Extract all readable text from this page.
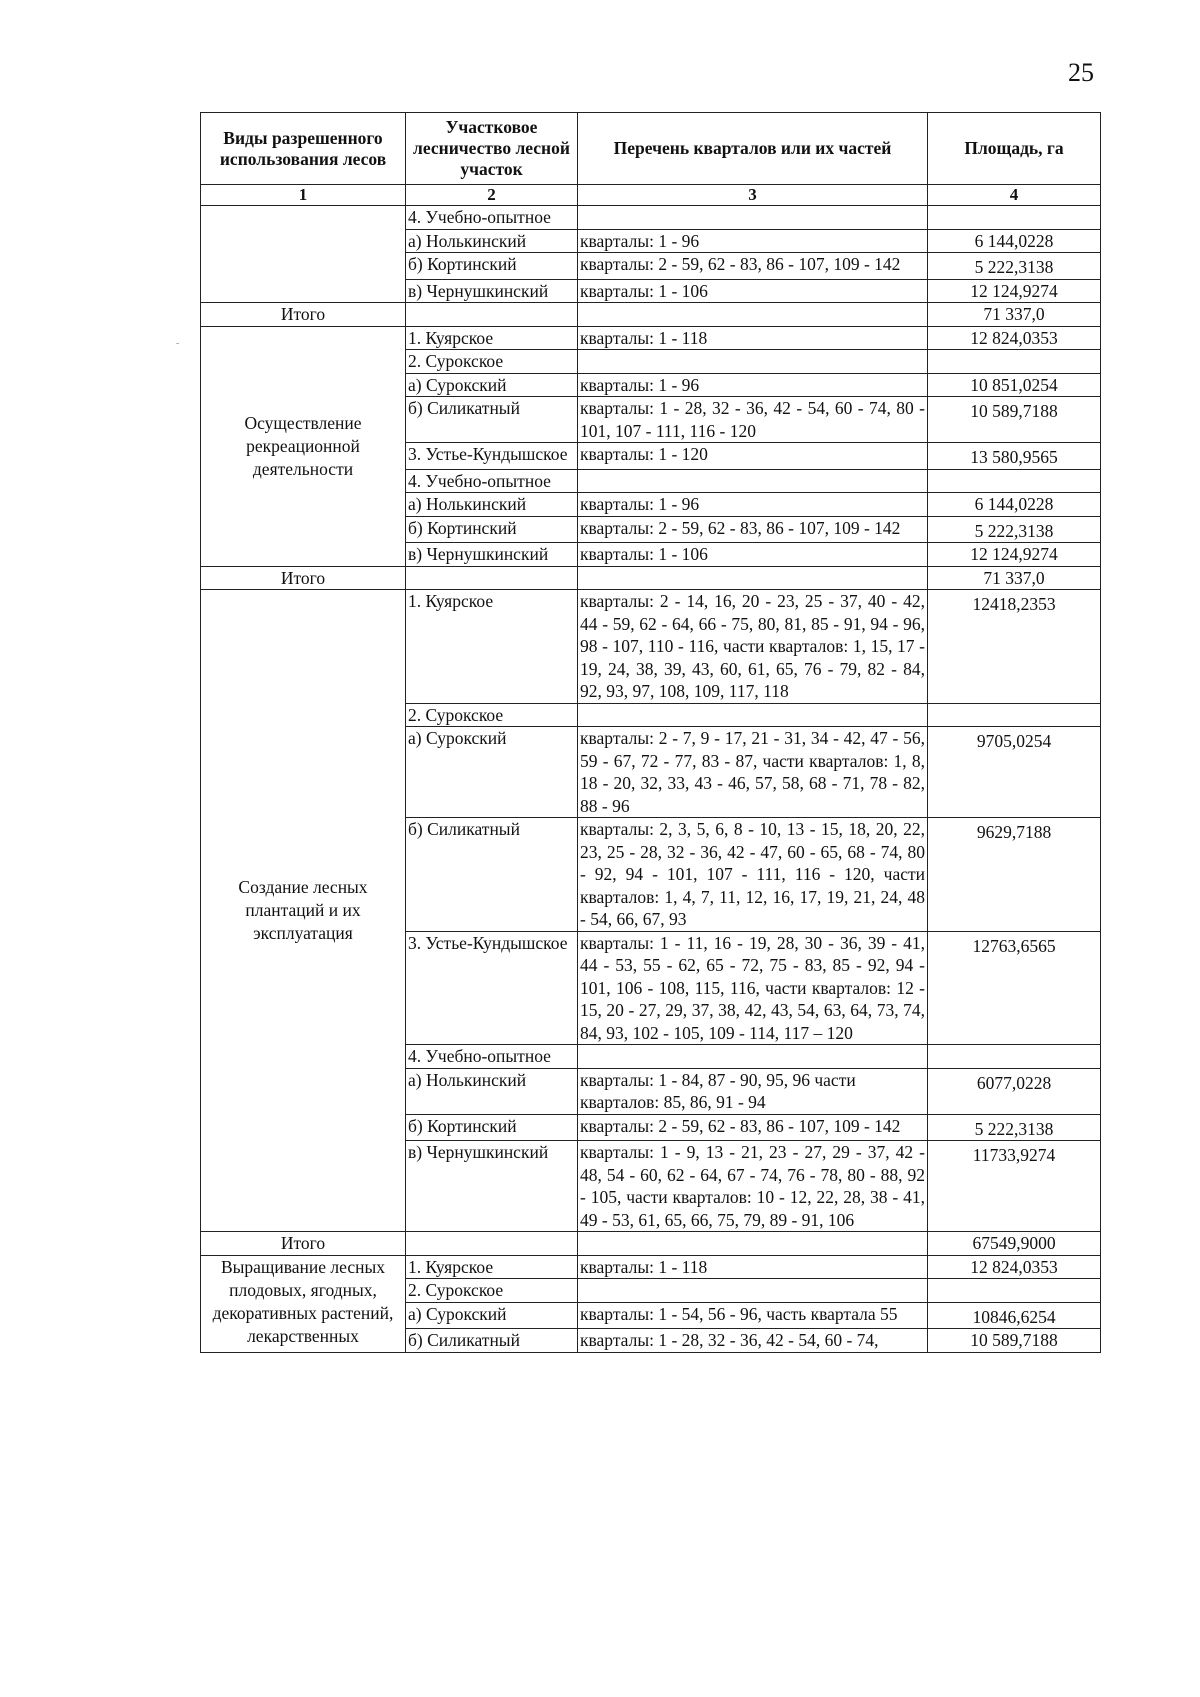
25
-
Виды разрешенного использования лесов	Участковое лесничество лесной участок	Перечень кварталов или их частей	Площадь, га
1	2	3	4
	4. Учебно-опытное		
	а) Нолькинский	кварталы: 1 - 96	6 144,0228
	б) Кортинский	кварталы: 2 - 59, 62 - 83, 86 - 107, 109 - 142	5 222,3138
	в) Чернушкинский	кварталы: 1 - 106	12 124,9274
Итого			71 337,0
Осуществление рекреационной деятельности	1. Куярское	кварталы: 1 - 118	12 824,0353
	2. Сурокское		
	а) Сурокский	кварталы: 1 - 96	10 851,0254
	б) Силикатный	кварталы: 1 - 28, 32 - 36, 42 - 54, 60 - 74, 80 - 101, 107 - 111, 116 - 120	10 589,7188
	3. Устье-Кундышское	кварталы: 1 - 120	13 580,9565
	4. Учебно-опытное		
	а) Нолькинский	кварталы: 1 - 96	6 144,0228
	б) Кортинский	кварталы: 2 - 59, 62 - 83, 86 - 107, 109 - 142	5 222,3138
	в) Чернушкинский	кварталы: 1 - 106	12 124,9274
Итого			71 337,0
Создание лесных плантаций и их эксплуатация	1. Куярское	кварталы: 2 - 14, 16, 20 - 23, 25 - 37, 40 - 42, 44 - 59, 62 - 64, 66 - 75, 80, 81, 85 - 91, 94 - 96, 98 - 107, 110 - 116, части кварталов: 1, 15, 17 - 19, 24, 38, 39, 43, 60, 61, 65, 76 - 79, 82 - 84, 92, 93, 97, 108, 109, 117, 118	12418,2353
	2. Сурокское		
	а) Сурокский	кварталы: 2 - 7, 9 - 17, 21 - 31, 34 - 42, 47 - 56, 59 - 67, 72 - 77, 83 - 87, части кварталов: 1, 8, 18 - 20, 32, 33, 43 - 46, 57, 58, 68 - 71, 78 - 82, 88 - 96	9705,0254
	б) Силикатный	кварталы: 2, 3, 5, 6, 8 - 10, 13 - 15, 18, 20, 22, 23, 25 - 28, 32 - 36, 42 - 47, 60 - 65, 68 - 74, 80 - 92, 94 - 101, 107 - 111, 116 - 120, части кварталов: 1, 4, 7, 11, 12, 16, 17, 19, 21, 24, 48 - 54, 66, 67, 93	9629,7188
	3. Устье-Кундышское	кварталы: 1 - 11, 16 - 19, 28, 30 - 36, 39 - 41, 44 - 53, 55 - 62, 65 - 72, 75 - 83, 85 - 92, 94 - 101, 106 - 108, 115, 116, части кварталов: 12 - 15, 20 - 27, 29, 37, 38, 42, 43, 54, 63, 64, 73, 74, 84, 93, 102 - 105, 109 - 114, 117 – 120	12763,6565
	4. Учебно-опытное		
	а) Нолькинский	кварталы: 1 - 84, 87 - 90, 95, 96 части кварталов: 85, 86, 91 - 94	6077,0228
	б) Кортинский	кварталы: 2 - 59, 62 - 83, 86 - 107, 109 - 142	5 222,3138
	в) Чернушкинский	кварталы: 1 - 9, 13 - 21, 23 - 27, 29 - 37, 42 - 48, 54 - 60, 62 - 64, 67 - 74, 76 - 78, 80 - 88, 92 - 105, части кварталов: 10 - 12, 22, 28, 38 - 41, 49 - 53, 61, 65, 66, 75, 79, 89 - 91, 106	11733,9274
Итого			67549,9000
Выращивание лесных плодовых, ягодных, декоративных растений, лекарственных	1. Куярское	кварталы: 1 - 118	12 824,0353
	2. Сурокское		
	а) Сурокский	кварталы: 1 - 54, 56 - 96, часть квартала 55	10846,6254
	б) Силикатный	кварталы: 1 - 28, 32 - 36, 42 - 54, 60 - 74,	10 589,7188
